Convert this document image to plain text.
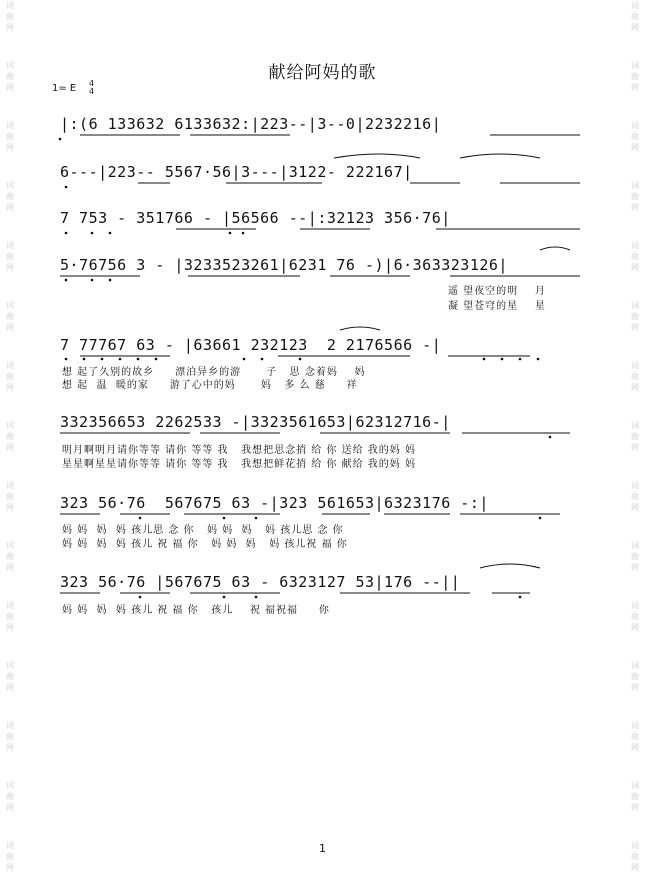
词
曲
网
词
曲
网
词
曲
网
词
曲
网
词
曲
网
词
曲
网
词
曲
网
词
曲
网
词
曲
网
词
曲
网
词
曲
网
词
曲
网
词
曲
网
词
曲
网
词
曲
网
词
曲
网
词
曲
网
词
曲
网
词
曲
网
词
曲
网
词
曲
网
词
曲
网
词
曲
网
词
曲
网
词
曲
网
词
曲
网
词
曲
网
词
曲
网
词
曲
网
词
曲
网
献给阿妈的歌
1= E 4
4
|:(6 133632 6133632:|223--|3--0|2232216|
6---|223-- 5567·56|3---|3122- 222167|
7 753 - 351766 - |56566 --|:32123 356·76|
5·76756 3 - |3233523261|6231 76 -)|6·363323126|
遥 望夜空的明    月
凝 望苍穹的星    星
7 77767 63 - |63661 232123  2 2176566 -|
想 起了久别的故乡     漂泊异乡的游      子   思 念着妈    妈
想 起  温  暖的家     游了心中的妈      妈   多 么 慈     祥
332356653 2262533 -|3323561653|62312716-|
明月啊明月请你等等 请你 等等 我   我想把思念捎 给 你 送给 我的妈 妈
星星啊星星请你等等 请你 等等 我   我想把鲜花捎 给 你 献给 我的妈 妈
323 56·76  567675 63 -|323 561653|6323176 -:|
妈 妈  妈  妈 孩儿思 念 你   妈 妈  妈   妈 孩儿思 念 你
妈 妈  妈  妈 孩儿 祝 福 你   妈 妈  妈   妈 孩儿祝 福 你
323 56·76 |567675 63 - 6323127 53|176 --||
妈 妈  妈  妈 孩儿 祝 福 你   孩儿    祝 福祝福     你
1
